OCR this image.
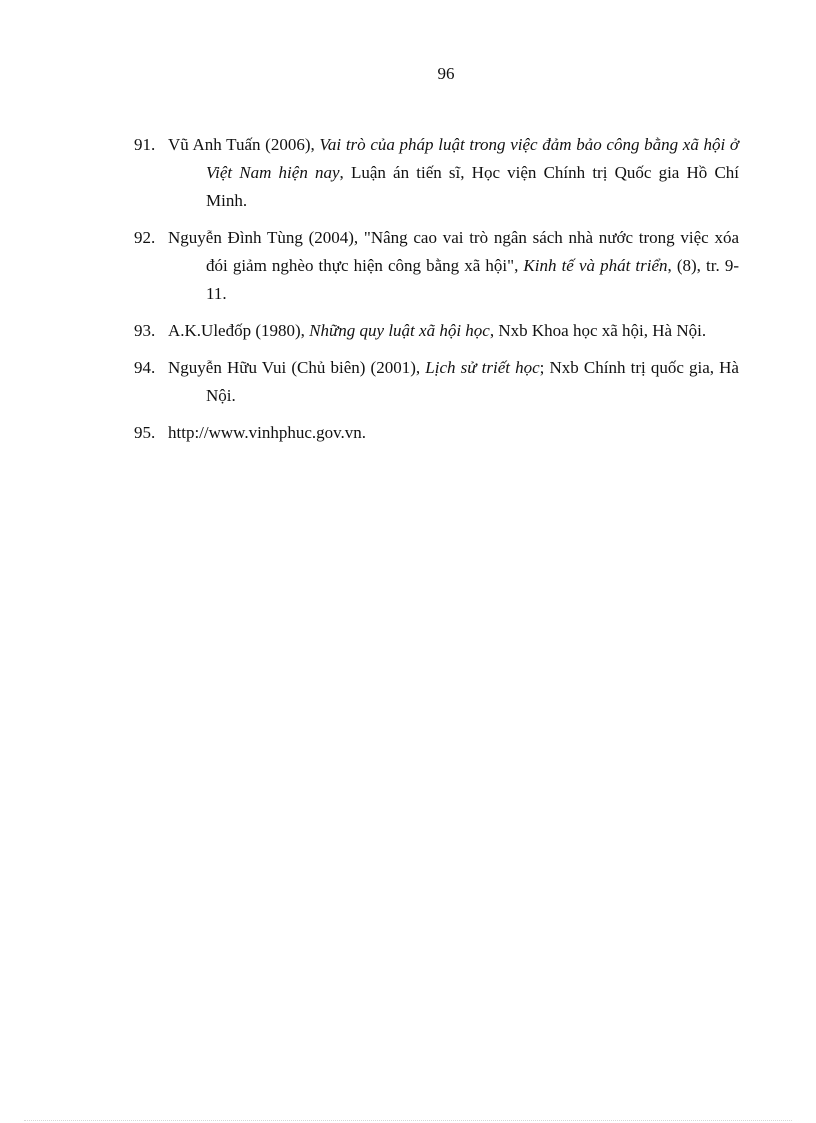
96
91. Vũ Anh Tuấn (2006), Vai trò của pháp luật trong việc đảm bảo công bằng xã hội ở Việt Nam hiện nay, Luận án tiến sĩ, Học viện Chính trị Quốc gia Hồ Chí Minh.
92. Nguyễn Đình Tùng (2004), "Nâng cao vai trò ngân sách nhà nước trong việc xóa đói giảm nghèo thực hiện công bằng xã hội", Kinh tế và phát triển, (8), tr. 9-11.
93. A.K.Uleđốp (1980), Những quy luật xã hội học, Nxb Khoa học xã hội, Hà Nội.
94. Nguyễn Hữu Vui (Chủ biên) (2001), Lịch sử triết học; Nxb Chính trị quốc gia, Hà Nội.
95. http://www.vinhphuc.gov.vn.
